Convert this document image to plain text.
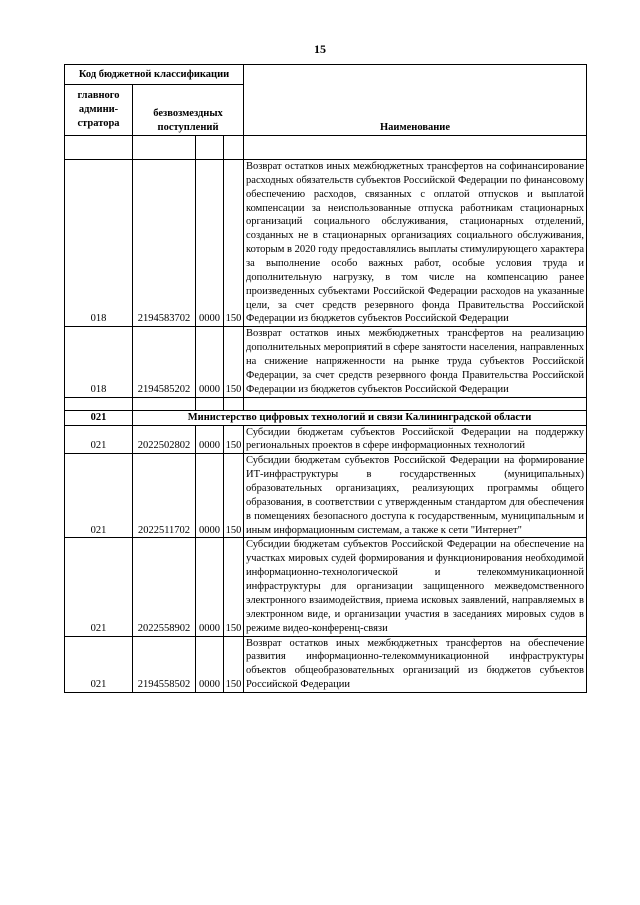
15
Код бюджетной классификации				Наименование
главного админи-стратора	безвозмездных поступлений			

018	2194583702	0000	150	Возврат остатков иных межбюджетных трансфертов на софинансирование расходных обязательств субъектов Российской Федерации по финансовому обеспечению расходов, связанных с оплатой отпусков и выплатой компенсации за неиспользованные отпуска работникам стационарных организаций социального обслуживания, стационарных отделений, созданных не в стационарных организациях социального обслуживания, которым в 2020 году предоставлялись выплаты стимулирующего характера за выполнение особо важных работ, особые условия труда и дополнительную нагрузку, в том числе на компенсацию ранее произведенных субъектами Российской Федерации расходов на указанные цели, за счет средств резервного фонда Правительства Российской Федерации из бюджетов субъектов Российской Федерации
018	2194585202	0000	150	Возврат остатков иных межбюджетных трансфертов на реализацию дополнительных мероприятий в сфере занятости населения, направленных на снижение напряженности на рынке труда субъектов Российской Федерации, за счет средств резервного фонда Правительства Российской Федерации из бюджетов субъектов Российской Федерации

021	Министерство цифровых технологий и связи Калининградской области			
021	2022502802	0000	150	Субсидии бюджетам субъектов Российской Федерации на поддержку региональных проектов в сфере информационных технологий
021	2022511702	0000	150	Субсидии бюджетам субъектов Российской Федерации на формирование ИТ-инфраструктуры в государственных (муниципальных) образовательных организациях, реализующих программы общего образования, в соответствии с утвержденным стандартом для обеспечения в помещениях безопасного доступа к государственным, муниципальным и иным информационным системам, а также к сети "Интернет"
021	2022558902	0000	150	Субсидии бюджетам субъектов Российской Федерации на обеспечение на участках мировых судей формирования и функционирования необходимой информационно-технологической и телекоммуникационной инфраструктуры для организации защищенного межведомственного электронного взаимодействия, приема исковых заявлений, направляемых в электронном виде, и организации участия в заседаниях мировых судов в режиме видео-конференц-связи
021	2194558502	0000	150	Возврат остатков иных межбюджетных трансфертов на обеспечение развития информационно-телекоммуникационной инфраструктуры объектов общеобразовательных организаций из бюджетов субъектов Российской Федерации
